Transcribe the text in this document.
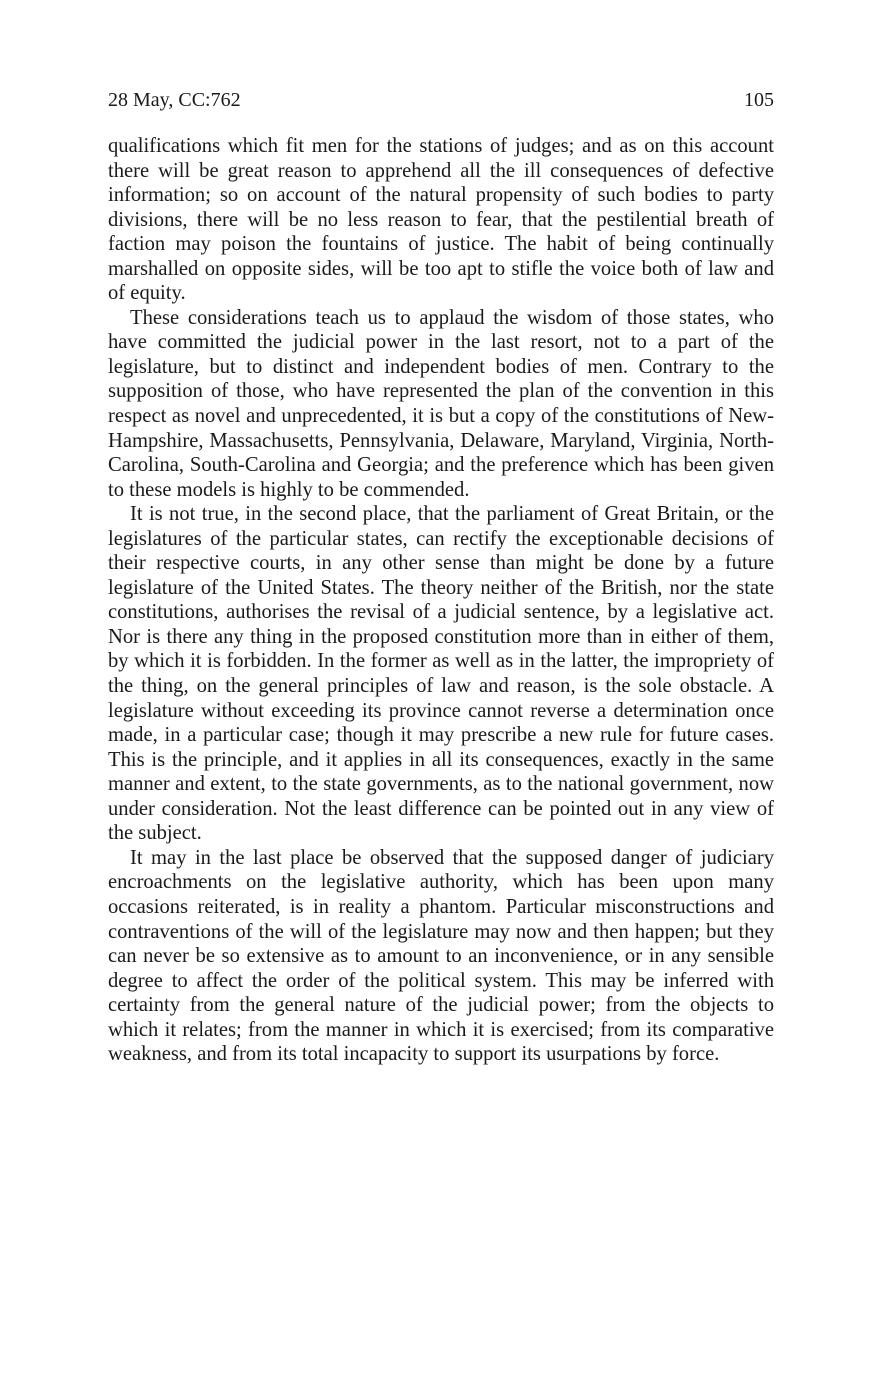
28 May, CC:762	105

qualifications which fit men for the stations of judges; and as on this account there will be great reason to apprehend all the ill consequences of defective information; so on account of the natural propensity of such bodies to party divisions, there will be no less reason to fear, that the pestilential breath of faction may poison the fountains of justice. The habit of being continually marshalled on opposite sides, will be too apt to stifle the voice both of law and of equity.

These considerations teach us to applaud the wisdom of those states, who have committed the judicial power in the last resort, not to a part of the legislature, but to distinct and independent bodies of men. Contrary to the supposition of those, who have represented the plan of the convention in this respect as novel and unprecedented, it is but a copy of the constitutions of New-Hampshire, Massachusetts, Pennsylvania, Delaware, Maryland, Virginia, North-Carolina, South-Carolina and Georgia; and the preference which has been given to these models is highly to be commended.

It is not true, in the second place, that the parliament of Great Britain, or the legislatures of the particular states, can rectify the exceptionable decisions of their respective courts, in any other sense than might be done by a future legislature of the United States. The theory neither of the British, nor the state constitutions, authorises the revisal of a judicial sentence, by a legislative act. Nor is there any thing in the proposed constitution more than in either of them, by which it is forbidden. In the former as well as in the latter, the impropriety of the thing, on the general principles of law and reason, is the sole obstacle. A legislature without exceeding its province cannot reverse a determination once made, in a particular case; though it may prescribe a new rule for future cases. This is the principle, and it applies in all its consequences, exactly in the same manner and extent, to the state governments, as to the national government, now under consideration. Not the least difference can be pointed out in any view of the subject.

It may in the last place be observed that the supposed danger of judiciary encroachments on the legislative authority, which has been upon many occasions reiterated, is in reality a phantom. Particular misconstructions and contraventions of the will of the legislature may now and then happen; but they can never be so extensive as to amount to an inconvenience, or in any sensible degree to affect the order of the political system. This may be inferred with certainty from the general nature of the judicial power; from the objects to which it relates; from the manner in which it is exercised; from its comparative weakness, and from its total incapacity to support its usurpations by force.
